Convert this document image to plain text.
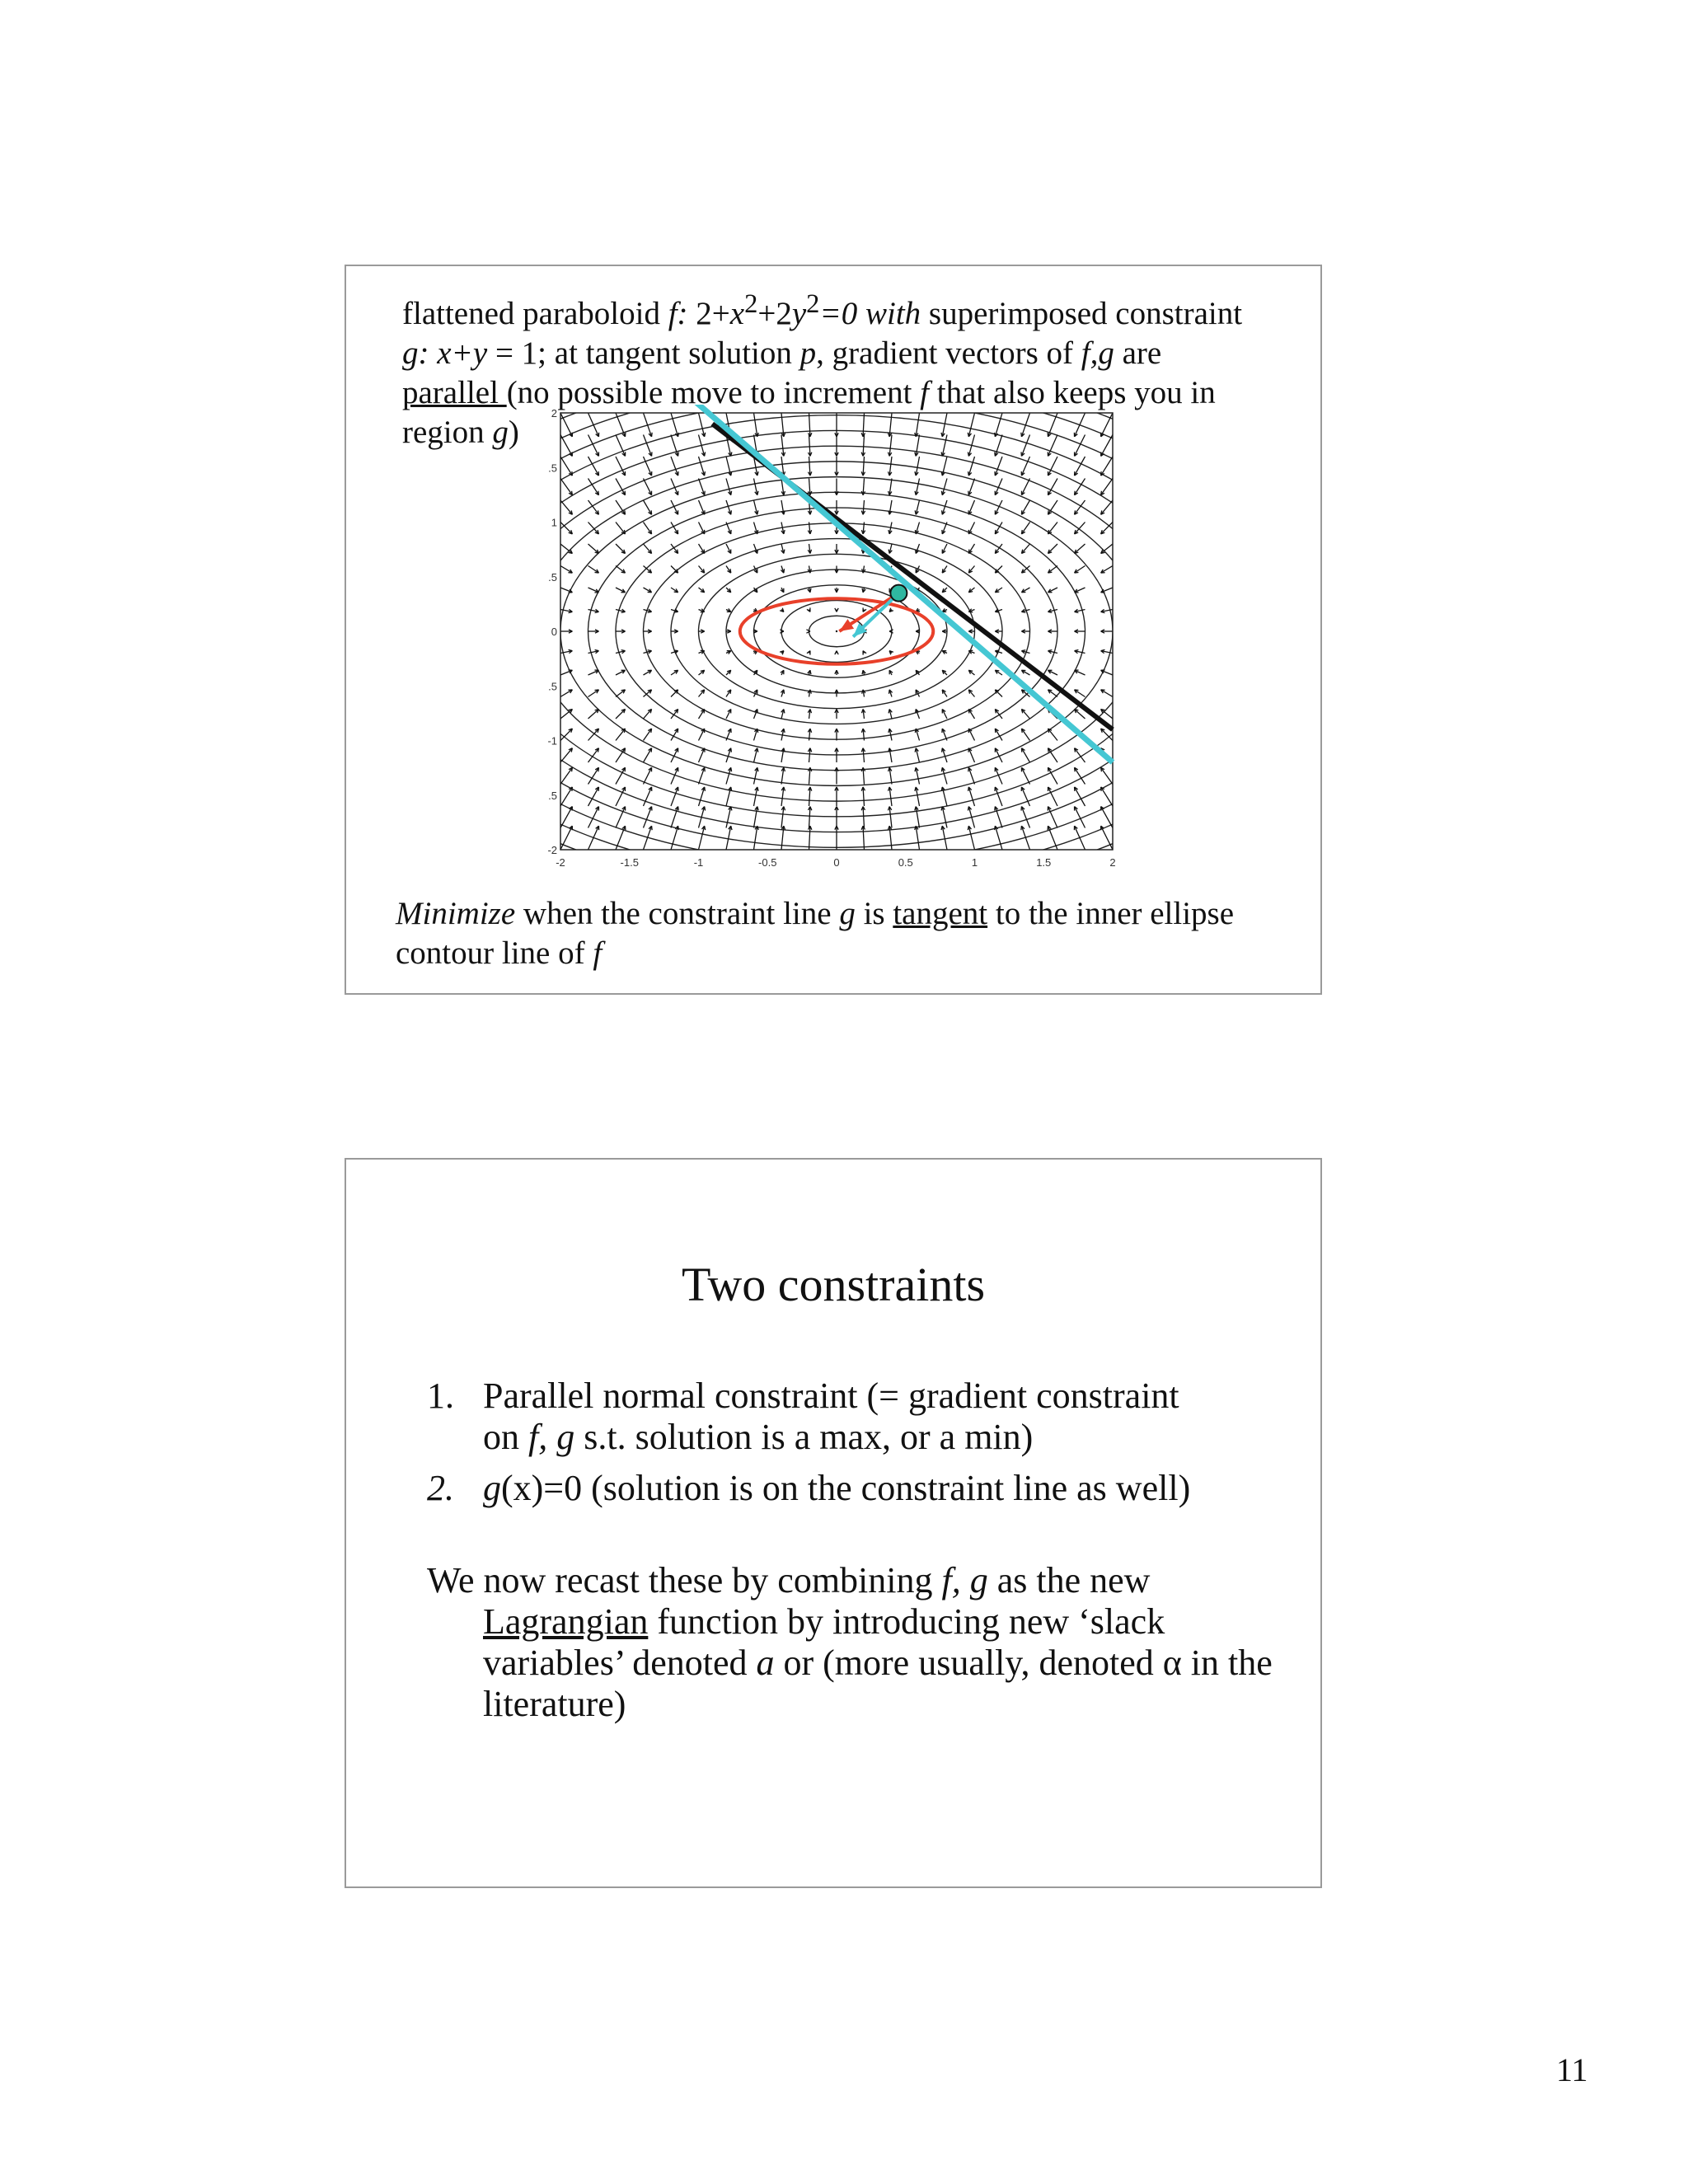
flattened paraboloid f: $2+x^2+2y^2=0$ with superimposed constraint
g: x+y = 1; at tangent solution p, gradient vectors of f,g are
parallel (no possible move to increment f that also keeps you in
region g)
-2	-1.5	-1	-0.5	0	0.5	1	1.5	2
-2
.5
-1
.5
0
.5
1
.5
2
Minimize when the constraint line g is tangent to the inner ellipse
contour line of f
Two constraints
1. Parallel normal constraint (= gradient constraint
on f, g s.t. solution is a max, or a min)
2. g(x)=0 (solution is on the constraint line as well)
We now recast these by combining f, g as the new Lagrangian function by introducing new ‘slack variables’ denoted a or (more usually, denoted α in the literature)
11
